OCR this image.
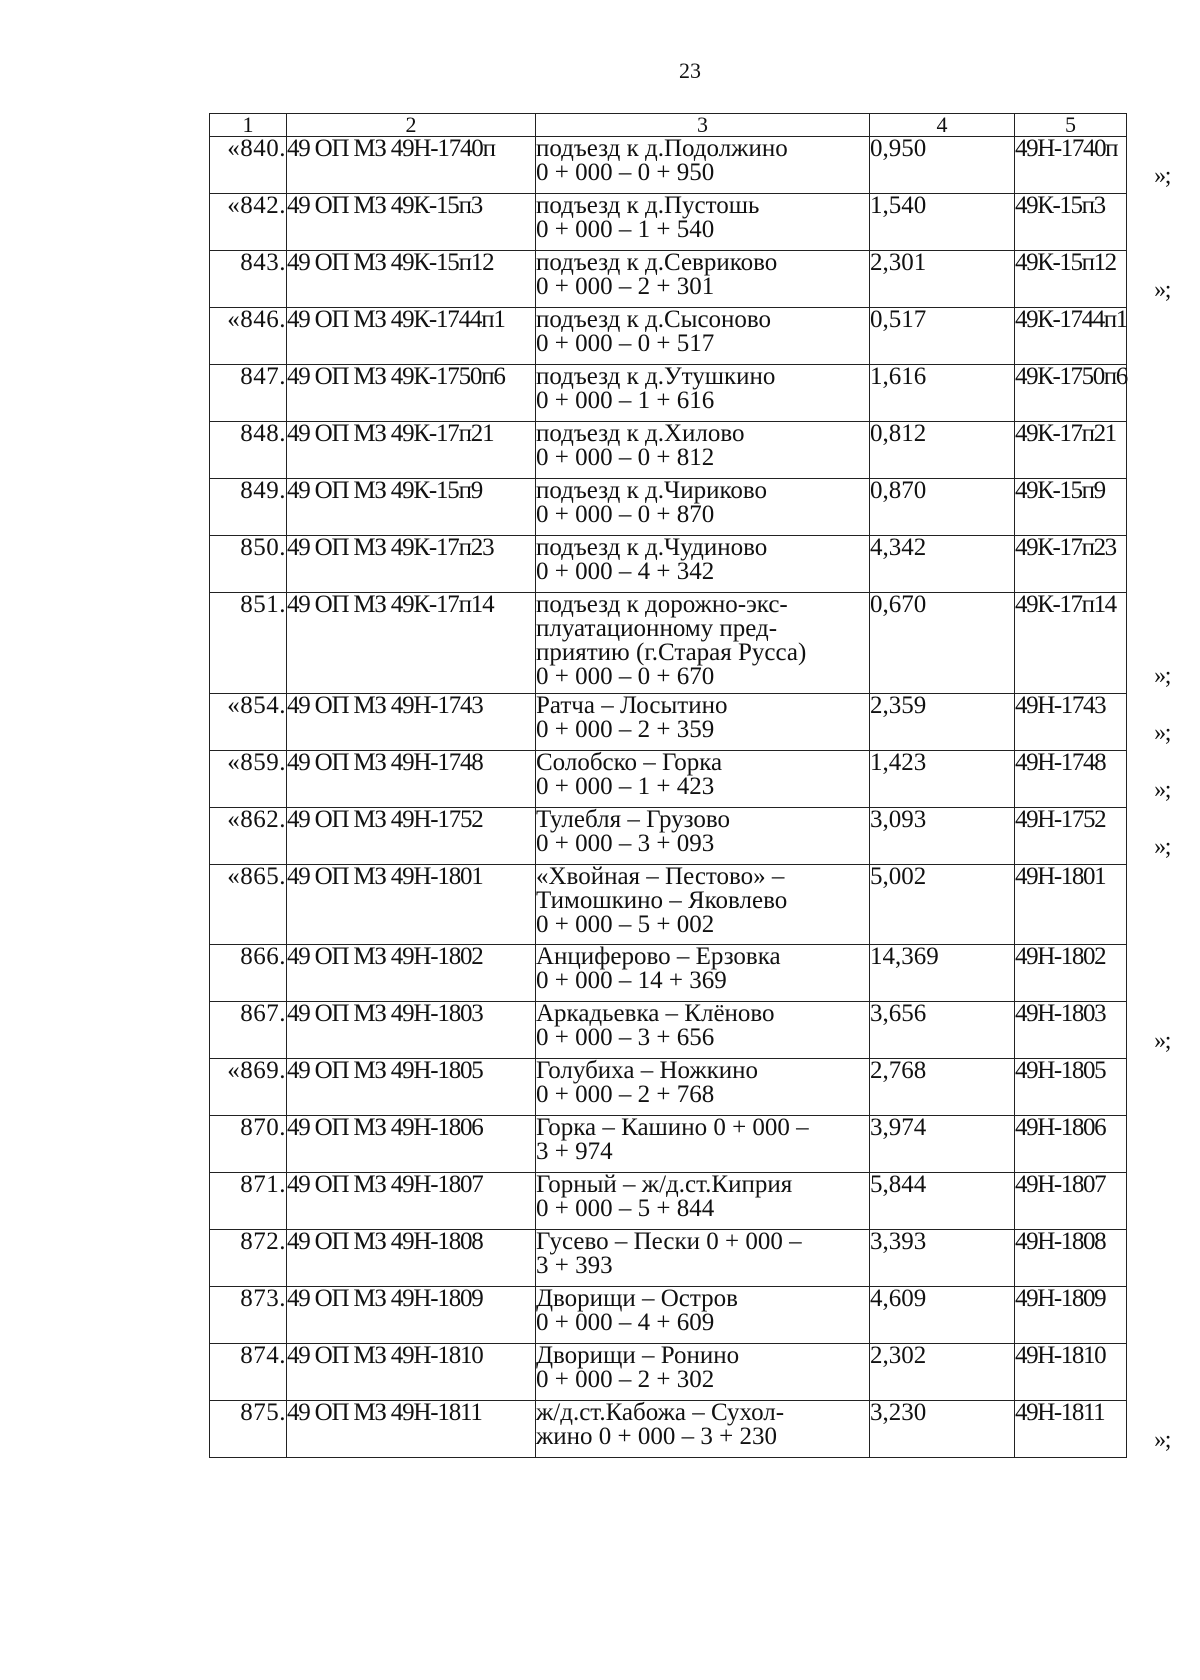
23
1	2	3	4	5
«840.	49 ОП МЗ 49Н-1740п	подъезд к д.Подолжино
0 + 000 – 0 + 950	0,950	49Н-1740п
»;

«842.	49 ОП МЗ 49К-15п3	подъезд к д.Пустошь
0 + 000 – 1 + 540	1,540	49К-15п3
843.	49 ОП МЗ 49К-15п12	подъезд к д.Севриково
0 + 000 – 2 + 301	2,301	49К-15п12
»;

«846.	49 ОП МЗ 49К-1744п1	подъезд к д.Сысоново
0 + 000 – 0 + 517	0,517	49К-1744п1
847.	49 ОП МЗ 49К-1750п6	подъезд к д.Утушкино
0 + 000 – 1 + 616	1,616	49К-1750п6
848.	49 ОП МЗ 49К-17п21	подъезд к д.Хилово
0 + 000 – 0 + 812	0,812	49К-17п21
849.	49 ОП МЗ 49К-15п9	подъезд к д.Чириково
0 + 000 – 0 + 870	0,870	49К-15п9
850.	49 ОП МЗ 49К-17п23	подъезд к д.Чудиново
0 + 000 – 4 + 342	4,342	49К-17п23
851.	49 ОП МЗ 49К-17п14	подъезд к дорожно-экс-
плуатационному пред-
приятию (г.Старая Русса)
0 + 000 – 0 + 670	0,670	49К-17п14
»;

«854.	49 ОП МЗ 49Н-1743	Ратча – Лосытино
0 + 000 – 2 + 359	2,359	49Н-1743
»;

«859.	49 ОП МЗ 49Н-1748	Солобско – Горка
0 + 000 – 1 + 423	1,423	49Н-1748
»;

«862.	49 ОП МЗ 49Н-1752	Тулебля – Грузово
0 + 000 – 3 + 093	3,093	49Н-1752
»;

«865.	49 ОП МЗ 49Н-1801	«Хвойная – Пестово» –
Тимошкино – Яковлево
0 + 000 – 5 + 002	5,002	49Н-1801
866.	49 ОП МЗ 49Н-1802	Анциферово – Ерзовка
0 + 000 – 14 + 369	14,369	49Н-1802
867.	49 ОП МЗ 49Н-1803	Аркадьевка – Клёново
0 + 000 – 3 + 656	3,656	49Н-1803
»;

«869.	49 ОП МЗ 49Н-1805	Голубиха – Ножкино
0 + 000 – 2 + 768	2,768	49Н-1805
870.	49 ОП МЗ 49Н-1806	Горка – Кашино 0 + 000 –
3 + 974	3,974	49Н-1806
871.	49 ОП МЗ 49Н-1807	Горный – ж/д.ст.Киприя
0 + 000 – 5 + 844	5,844	49Н-1807
872.	49 ОП МЗ 49Н-1808	Гусево – Пески 0 + 000 –
3 + 393	3,393	49Н-1808
873.	49 ОП МЗ 49Н-1809	Дворищи – Остров
0 + 000 – 4 + 609	4,609	49Н-1809
874.	49 ОП МЗ 49Н-1810	Дворищи – Ронино
0 + 000 – 2 + 302	2,302	49Н-1810
875.	49 ОП МЗ 49Н-1811	ж/д.ст.Кабожа – Сухол-
жино 0 + 000 – 3 + 230	3,230	49Н-1811
»;
